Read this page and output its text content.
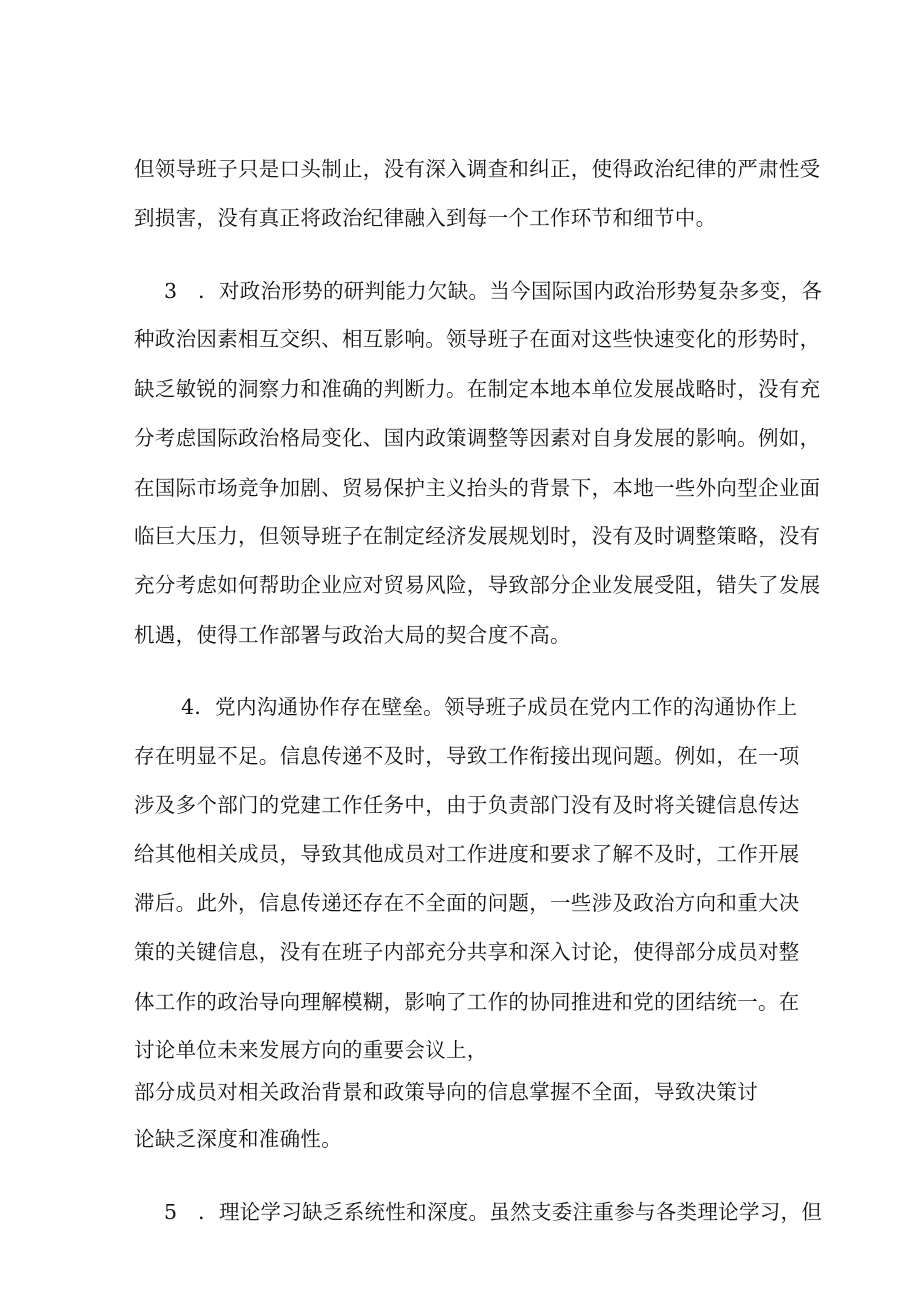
但领导班子只是口头制止，没有深入调查和纠正，使得政治纪律的严肃性受
到损害，没有真正将政治纪律融入到每一个工作环节和细节中。
3　．对政治形势的研判能力欠缺。当今国际国内政治形势复杂多变，各
种政治因素相互交织、相互影响。领导班子在面对这些快速变化的形势时，
缺乏敏锐的洞察力和准确的判断力。在制定本地本单位发展战略时，没有充
分考虑国际政治格局变化、国内政策调整等因素对自身发展的影响。例如，
在国际市场竞争加剧、贸易保护主义抬头的背景下，本地一些外向型企业面
临巨大压力，但领导班子在制定经济发展规划时，没有及时调整策略，没有
充分考虑如何帮助企业应对贸易风险，导致部分企业发展受阻，错失了发展
机遇，使得工作部署与政治大局的契合度不高。
4．党内沟通协作存在壁垒。领导班子成员在党内工作的沟通协作上
存在明显不足。信息传递不及时，导致工作衔接出现问题。例如，在一项
涉及多个部门的党建工作任务中，由于负责部门没有及时将关键信息传达
给其他相关成员，导致其他成员对工作进度和要求了解不及时，工作开展
滞后。此外，信息传递还存在不全面的问题，一些涉及政治方向和重大决
策的关键信息，没有在班子内部充分共享和深入讨论，使得部分成员对整
体工作的政治导向理解模糊，影响了工作的协同推进和党的团结统一。在
讨论单位未来发展方向的重要会议上，
部分成员对相关政治背景和政策导向的信息掌握不全面，导致决策讨
论缺乏深度和准确性。
5　．理论学习缺乏系统性和深度。虽然支委注重参与各类理论学习，但
